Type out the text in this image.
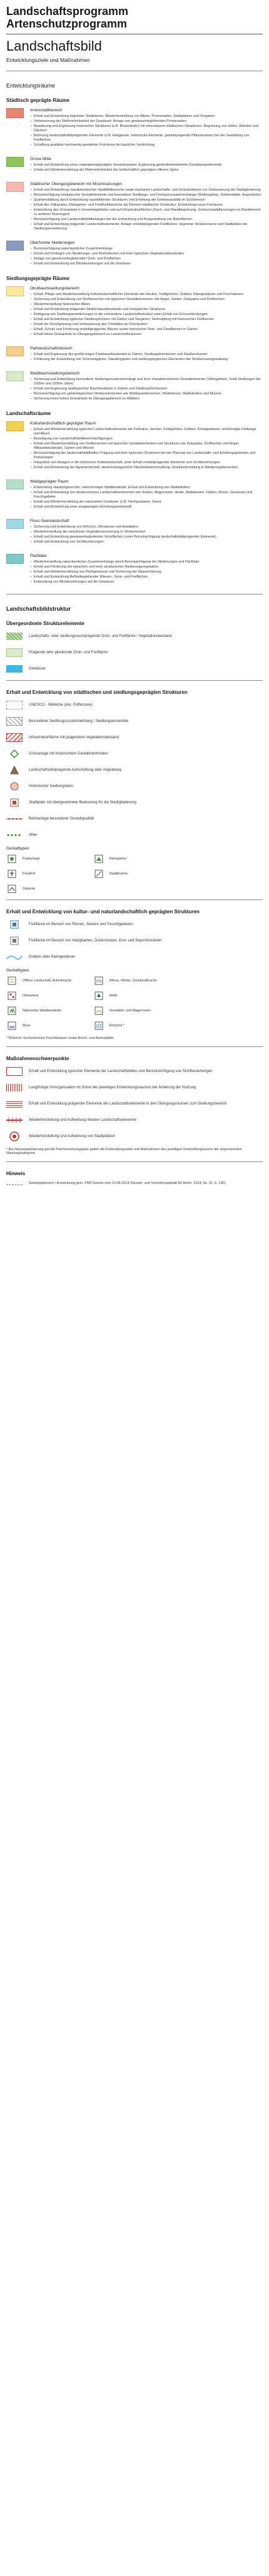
Landschaftsprogramm
Artenschutzprogramm
Landschaftsbild
Entwicklungsziele und Maßnahmen
Entwicklungsräume
Städtisch geprägte Räume
Innenstadtbereich
– Erhalt und Entwicklung begrünter Stadträume; Wiederherstellung von Alleen, Promenaden, Stadtplätzen und Vorgärten
– Verbesserung der Wahrnehmbarkeit der Gewässer; Anlage von gewässerbegleitenden Promenaden
– Bewahrung und Ergänzung historischer Strukturen (z.B. Blockränder) mit erkennbaren städtischen Situationen; Begrünung von Höfen, Wänden und Dächern
– Betonung landschaftsbildprägender Elemente (z.B. Hangkante, historische Elemente, gebietsprägende Pflanzenarten) bei der Gestaltung von Freiflächen
– Schaffung qualitativ hochwertig gestalteter Freiräume bei baulicher Verdichtung
Grüne Mitte
– Erhalt und Entwicklung eines vegetationsgeprägten Gesamtraumes; Ergänzung gartendenkmalwerter Gestaltungselemente
– Erhalt und Wiederherstellung der Wahrnehmbarkeit der landschaftlich geprägten offenen Spree
Städtischer Übergangsbereich mit Mischnutzungen
– Erhalt und Entwicklung charakteristischer Stadtbildbereiche sowie markanter Landschafts- und Grünstrukturen zur Verbesserung der Stadtgliederung
– Berücksichtigung ortstypischer Gestaltelemente und besonderer Siedlungs- und Freiraumzusammenhänge (Stellungsbau, Gartenstädte, Angerdörfer)
– Quartiersbildung durch Entwicklung raumbildender Strukturen und Erhöhung der Erlebnisqualität im Grünbereich
– Erhalt des Volksparks, Kleingarten- und Friedhofsbereiche als Element städtischer Grünkultur; Entwicklung neuer Freiräume
– Entwicklung des Grünanteils in Gewerbegebieten und auf Infrastrukturflächen (Dach- und Wandbegrünung, Schmuckaufpflanzungen im Randbereich zu anderen Nutzungen)
– Berücksichtigung von Landschaftsbildbelangen bei der Entwicklung und Ausgestaltung von Bahnflächen
– Erhalt und Entwicklung prägender Landschaftselemente; Anlage ortsbildprägender Freiflächen, begrünter Straßenräume und Stadtplätze bei Siedlungserweiterung
Überformte Niederungen
– Berücksichtigung naturräumlicher Zusammenhänge
– Erhalt und Freilegen von Niederungs- und Fließstrecken mit ihren typischen Vegetationsbeständen
– Anlage von gewässerbegleitenden Grün- und Freiflächen
– Erhalt und Entwicklung von Blickbeziehungen auf die Gewässer
Siedlungsgeprägte Räume
Obstbaumsiedlungsbereich
– Erhalt, Pflege und Wiederherstellung kulturlandschaftlicher Elemente wie Hecken, Feldgehölze, Gräben, Kleingewässer und Frischwiesen
– Sicherung und Entwicklung von Dorfbereichen mit typischen Gestaltelementen wie Anger, Gärten, Gutsparks und Dorfteichen
– Wiederherstellung historischer Alleen
– Erhalt und Entwicklung prägender Straßenbaumbestände und ortstypischer Strukturen
– Einfügung von Siedlungserweiterungen in die vorhandene Landschaftsstruktur unter Erhalt von Grünverbindungen
– Erhalt und Entwicklung typischer Siedlungsformen mit Gärten und Vorgärten; Verknüpfung mit historischen Dorfkernen
– Erhalt der Durchgrünung und Verbesserung des Ortsbildes an Ortsrändern
– Erhalt, Schutz und Förderung ortsbildprägender Bäume sowie historischer Nutz- und Zierpflanzen in Gärten
– Erhalt hohen Grünanteils im Übergangsbereich zu Landschaftsräumen
Parklandschaftsbereich
– Erhalt und Ergänzung des großkronigen Parkbaumbestandes in Gärten, Siedlungsfreiräumen und Straßenräumen
– Förderung der Entwicklung von Schmuckgärten, Staudengärten und siedlungstypischen Elementen der Straßenraumgestaltung
Waldbaumsiedlungsbereich
– Sicherung und Entwicklung besonderer Siedlungszusammenhänge und ihrer charakteristischen Gestaltelemente (Villengebiete, Seidl-Siedlungen der 1920er und 1930er Jahre)
– Erhalt und Ergänzung waldtypischer Baumbestände in Gärten und Siedlungsfreiräumen
– Berücksichtigung von gebietstypischen Strukturelementen wie Waldsaumbereichen, Waldwiesen, Waldrändern und Mooren
– Sicherung eines hohen Grünanteils im Übergangsbereich zu Wäldern
Landschaftsräume
Kulturlandschaftlich geprägter Raum
– Erhalt und Wiederherstellung typischer Landschaftselemente wie Feldraine, Hecken, Feldgehölze, Gräben, Kleingewässer, unbefestigte Feldwege und Alleen
– Beseitigung von Landschaftsbildbeeinträchtigungen
– Erhalt und Wiederherstellung von Dorfbereichen mit typischen Gestaltelementen und Strukturen wie Gutsparks, Dorfteichen und Anger, Altbaumbeständen, Gärten und Wiesen
– Berücksichtigung der landschaftsbildhaften Prägung und ihrer typischen Strukturen bei der Planung von Landschafts- und Erholungsgebieten und Parkanlagen
– Integration von Anlagen in die historische Kulturlandschaft, unter Erhalt ortsbildprägender Elemente und Sichtbeziehungen
– Erhalt und Entwicklung der Agrarlandschaft, abwechslungsreiche Flächenbewirtschaftung; Grünlanderhaltung in Niederungsbereichen
Waldgeprägter Raum
– Entwicklung standortgerechter, vielschichtiger Waldbestände; Erhalt und Entwicklung von Waldrändern
– Erhalt und Entwicklung von strukturreichen Landschaftselementen wie Heiden, Magerrasen, Heide, Waldwiesen, Fluben, Moore, Gewässer und Feuchtgebiete
– Erhalt und Wiederherstellung der naturnahen Gewässer (z.B. Fließgewässer, Seen)
– Erhalt und Entwicklung einer ausgeprägten Erholungslandschaft
Fluss-Seenlandschaft
– Sicherung und Entwicklung von Röhricht, Uferwiesen und Auwäldern
– Wiederherstellung der natürlichen Vegetationszonierung in Uferbereichen
– Erhalt und Entwicklung gewässerbegleitender Grünflächen (unter Berücksichtigung landschaftsbildprägender Elemente)
– Erhalt und Entwicklung von Sichtbeziehungen
Fließtäler
– Wiederherstellung naturräumlicher Zusammenhänge durch Berücksichtigung der Niederungen und Fließtäler
– Erhalt und Förderung der typischen und reich strukturierten Niederungsvegetation
– Erhalt und Wiederherstellung von Fließgewässer und Sicherung der Wasserführung
– Erhalt und Entwicklung fließtalbegleitender Wiesen-, Grün- und Freiflächen
– Entwicklung von Blickbeziehungen auf die Gewässer
Landschaftsbildstruktur
Übergeordnete Strukturelemente
Landschafts- oder siedlungsraumprägende Grün- und Freifläche / Vegetationsbestand
Prägende oder gliedernde Grün- und Freifläche
Gewässer
Erhalt und Entwicklung von städtischen und siedlungsgeprägten Strukturen
UNESCO - Welterbe (inkl. Pufferzone)
Besonderer Siedlungszusammenhang / Siedlungsensemble
Infrastrukturfläche mit prägendem Vegetationsbestand
Grünanlage mit historischem Gestaltmerkmalen
Landschaftsbildprägende Aufschüttung oder Abgrabung
Historischer Siedlungskern
Stadtplatz mit übergeordneter Bedeutung für die Stadtgliederung
Bahnanlage besonderer Gestaltqualität
Allee
Gestalttypen
Parkanlage	Kleingarten
Friedhof	Stadtbrache
Deponie
Erhalt und Entwicklung von kultur- und naturlandschaftlich geprägten Strukturen
Freifläche im Bereich von Rinnen, Senken und Feuchtgebieten
Freifläche im Bereich von Hangkanten, Dünenrücken, End- und Stauchmoränen
Graben oder Kleingewässer
Gestalttypen
Offene Landschaft, Ackerbrache	Wiese, Weide, Grünlandbrache
Obstwiese	Wald
Naturnahe Waldbestände	Vorwälder und Magerrasen
Moor	Röhricht *
* Röhricht: Kennzeichnen Feuchtwiesen sowie Bruch- und Auenwälder
Maßnahmenschwerpunkte
Erhalt und Entwicklung typischer Elemente der Landschaftsbildes und Berücksichtigung von Sichtbeziehungen
Langfristige Umorganisation im Sinne des jeweiligen Entwicklungsraumes bei Änderung der Nutzung
Erhalt und Entwicklung prägender Elemente der Landschaftselemente in den Übergangsräumen zum Siedlungsbereich
Wiederherstellung und Aufwertung linearer Landschaftselemente
Wiederherstellung und Aufwertung von Stadtplätzen
* Bei Nutzungsänderung gemäß Flächennutzungsplan gelten die Entwicklungsziele und Maßnahmen des jeweiligen Entwicklungsraums der angrenzenden Nutzungskategorie.
Hinweis
Geltungsbereich / Entwicklung gem. FNP-Gesetz vom 14.06.2014 (Gesetz- und Verordnungsblatt für Berlin, 2014, Nr. 15, S. 190).
